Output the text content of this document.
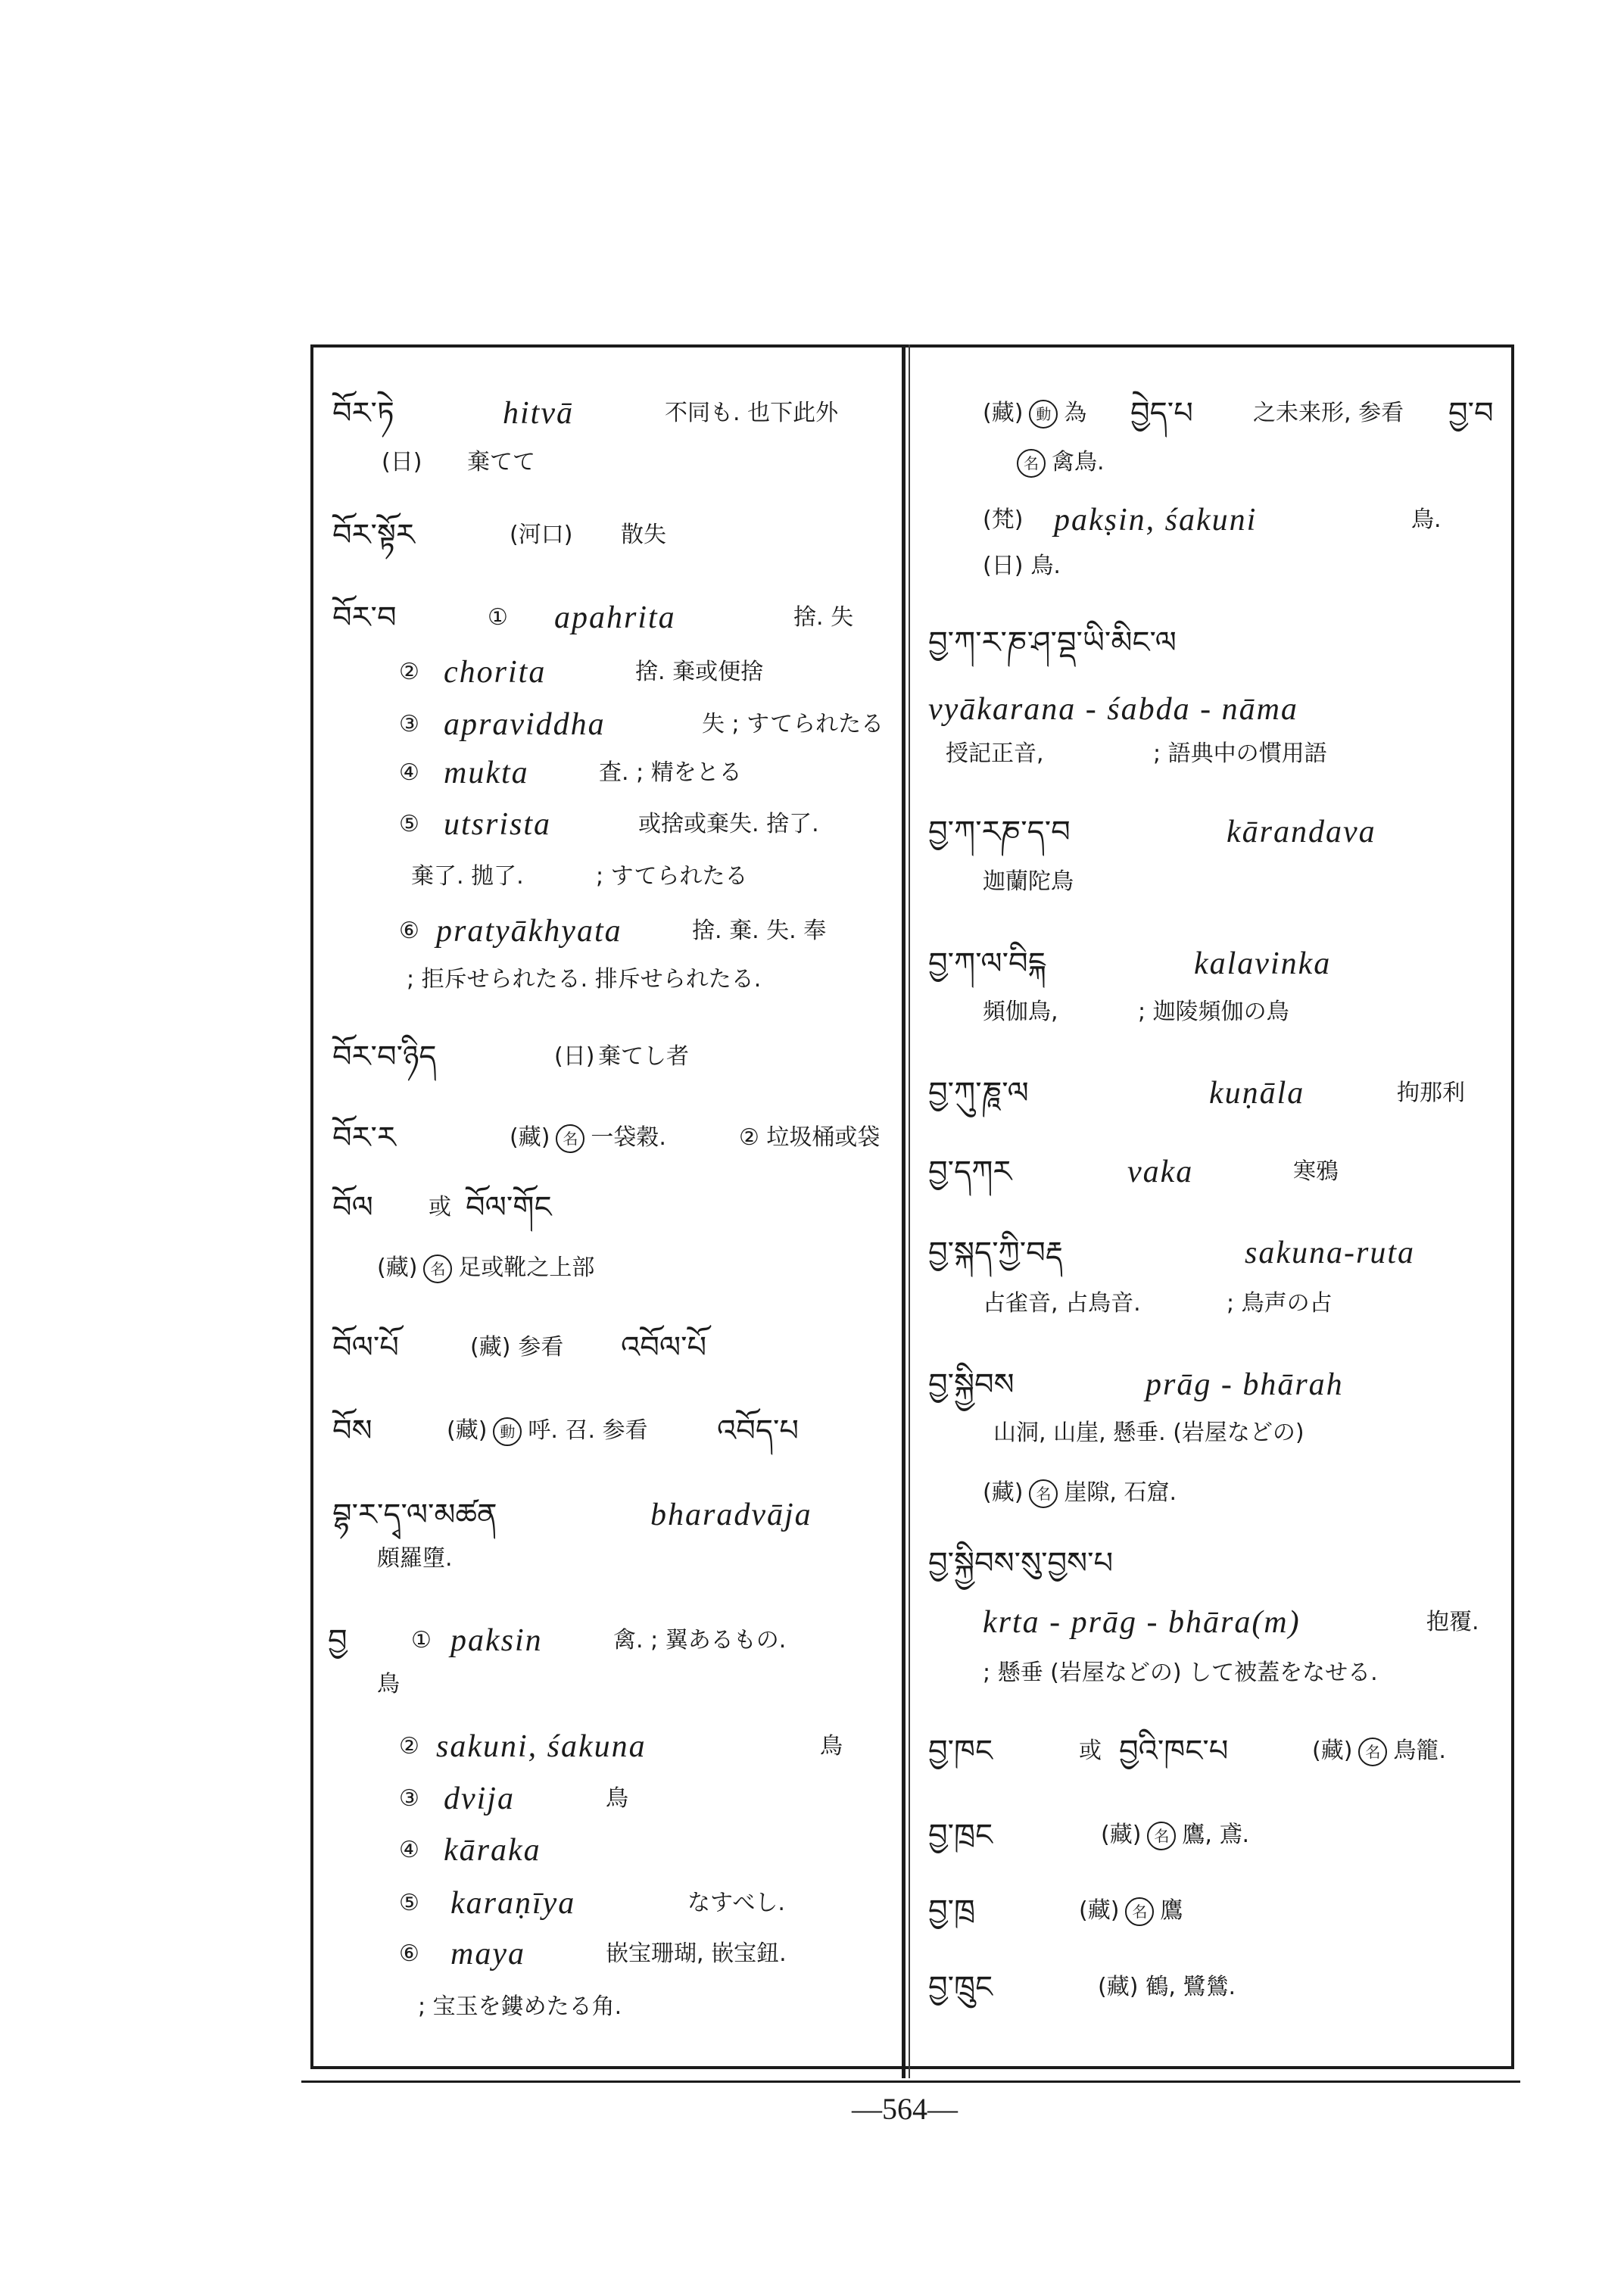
བོར་ཏེ	hitvā	不同も. 也下此外
(日) 棄てて
བོར་སྟོར	(河口) 散失
བོར་བ	① apahrita	捨. 失
② chorita	捨. 棄或便捨
③ apraviddha	失 ; すてられたる
④ mukta	査. ; 精をとる
⑤ utsrista	或捨或棄失. 捨了.
棄了. 拋了.	; すてられたる
⑥ pratyākhyata	捨. 棄. 失. 奉
; 拒斥せられたる. 排斥せられたる.
བོར་བ་ཉིད	(日) 棄てし者
བོར་ར	(藏) 名 一袋穀.	② 垃圾桶或袋
བོལ 或 བོལ་གོང
(藏) 名 足或靴之上部
བོལ་པོ	(藏) 参看 འབོལ་པོ
བོས	(藏) 動 呼. 召. 参看 འབོད་པ
བྷ་ར་དྭ་ལ་མཚན	bharadvāja
頗羅墮.
བྱ	① paksin	禽. ; 翼あるもの.
鳥
② sakuni, śakuna	鳥
③ dvija	鳥
④ kāraka
⑤ karaṇīya	なすべし.
⑥ maya	嵌宝珊瑚, 嵌宝鈕.
; 宝玉を鏤めたる角.
(藏) 動 為 བྱེད་པ	之未来形, 参看 བྱ་བ
名 禽鳥.
(梵) pakṣin, śakuni	鳥.
(日) 鳥.
བྱ་ཀ་ར་ཎ་ཤ་བྡ་ཡི་མིང་ལ
vyākarana - śabda - nāma
授記正音,	; 語典中の慣用語
བྱ་ཀ་རཎ་ད་བ	kārandava
迦蘭陀鳥
བྱ་ཀ་ལ་བིངྐ	kalavinka
頻伽鳥,	; 迦陵頻伽の鳥
བྱ་ཀུ་ཎཱ་ལ	kuṇāla	拘那利
བྱ་དཀར	vaka	寒鴉
བྱ་སྐད་ཀྱི་བརྡ	sakuna-ruta
占雀音, 占鳥音.	; 鳥声の占
བྱ་སྐྱིབས	prāg - bhārah
山洞, 山崖, 懸垂. (岩屋などの)
(藏) 名 崖隙, 石窟.
བྱ་སྐྱིབས་སུ་བྱས་པ
krta - prāg - bhāra(m)	抱覆.
; 懸垂 (岩屋などの) して被蓋をなせる.
བྱ་ཁང	或 བྱའི་ཁང་པ	(藏) 名 鳥籠.
བྱ་ཁྲང	(藏) 名 鷹, 鳶.
བྱ་ཁྲ	(藏) 名 鷹
བྱ་ཁྲུང	(藏) 鶴, 鷺鷥.
—564—
